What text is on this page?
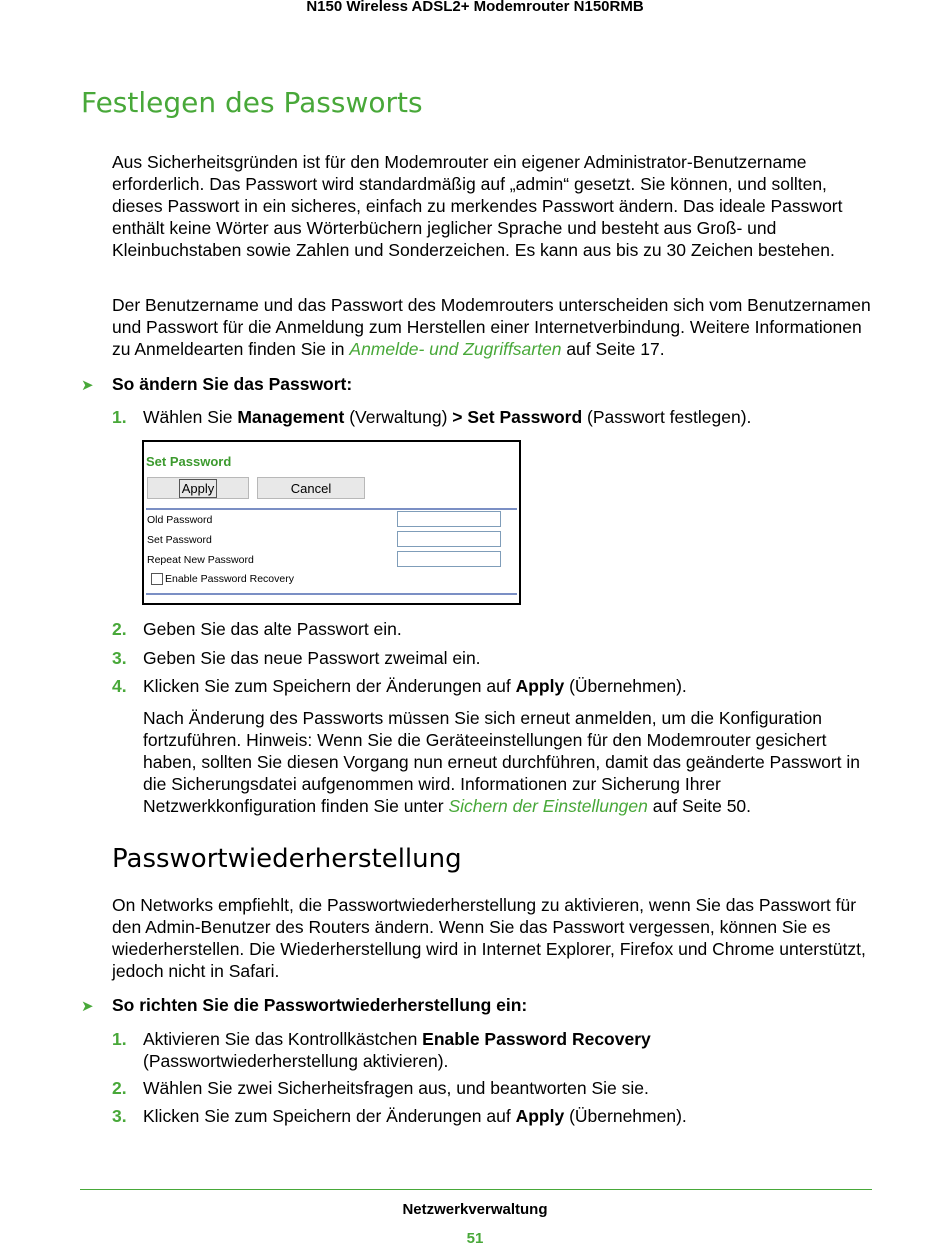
N150 Wireless ADSL2+ Modemrouter N150RMB
Festlegen des Passworts

Aus Sicherheitsgründen ist für den Modemrouter ein eigener Administrator-Benutzername erforderlich. Das Passwort wird standardmäßig auf „admin“ gesetzt. Sie können, und sollten, dieses Passwort in ein sicheres, einfach zu merkendes Passwort ändern. Das ideale Passwort enthält keine Wörter aus Wörterbüchern jeglicher Sprache und besteht aus Groß- und Kleinbuchstaben sowie Zahlen und Sonderzeichen. Es kann aus bis zu 30 Zeichen bestehen.

Der Benutzername und das Passwort des Modemrouters unterscheiden sich vom Benutzernamen und Passwort für die Anmeldung zum Herstellen einer Internetverbindung. Weitere Informationen zu Anmeldearten finden Sie in Anmelde- und Zugriffsarten auf Seite 17.

➤ So ändern Sie das Passwort:
1. Wählen Sie Management (Verwaltung) > Set Password (Passwort festlegen).
Set Password
Apply	Cancel
Old Password
Set Password
Repeat New Password
Enable Password Recovery
2. Geben Sie das alte Passwort ein.
3. Geben Sie das neue Passwort zweimal ein.
4. Klicken Sie zum Speichern der Änderungen auf Apply (Übernehmen).

Nach Änderung des Passworts müssen Sie sich erneut anmelden, um die Konfiguration fortzuführen. Hinweis: Wenn Sie die Geräteeinstellungen für den Modemrouter gesichert haben, sollten Sie diesen Vorgang nun erneut durchführen, damit das geänderte Passwort in die Sicherungsdatei aufgenommen wird. Informationen zur Sicherung Ihrer Netzwerkkonfiguration finden Sie unter Sichern der Einstellungen auf Seite 50.

Passwortwiederherstellung

On Networks empfiehlt, die Passwortwiederherstellung zu aktivieren, wenn Sie das Passwort für den Admin-Benutzer des Routers ändern. Wenn Sie das Passwort vergessen, können Sie es wiederherstellen. Die Wiederherstellung wird in Internet Explorer, Firefox und Chrome unterstützt, jedoch nicht in Safari.

➤ So richten Sie die Passwortwiederherstellung ein:
1. Aktivieren Sie das Kontrollkästchen Enable Password Recovery (Passwortwiederherstellung aktivieren).
2. Wählen Sie zwei Sicherheitsfragen aus, und beantworten Sie sie.
3. Klicken Sie zum Speichern der Änderungen auf Apply (Übernehmen).
Netzwerkverwaltung
51
